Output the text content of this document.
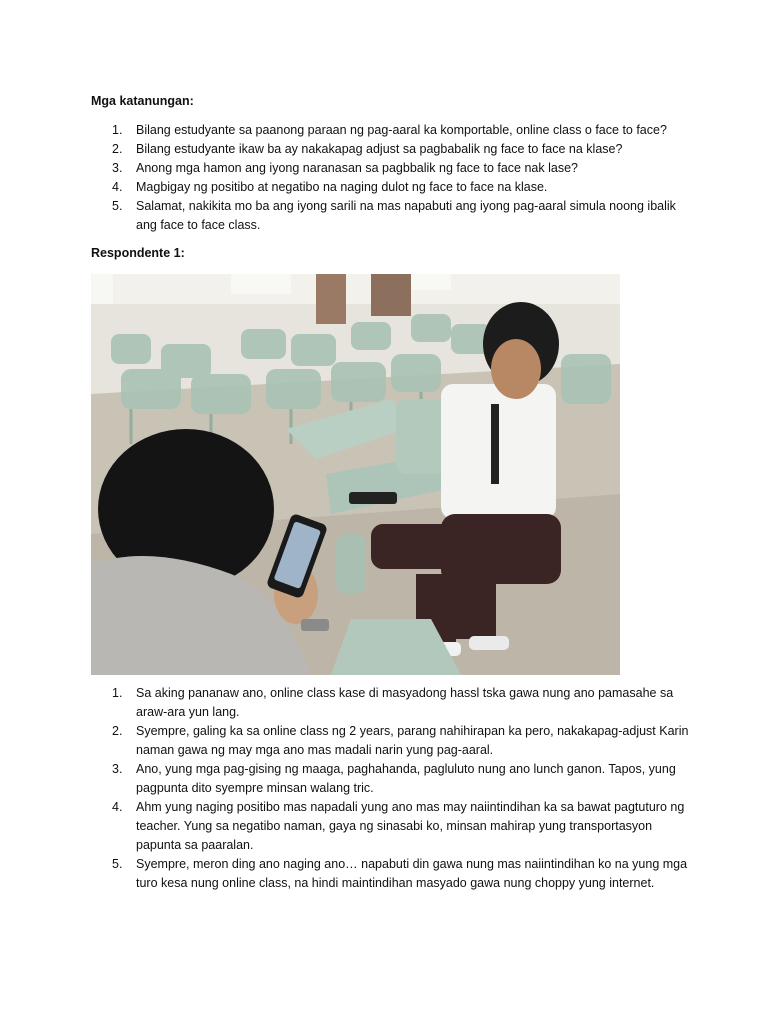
Mga katanungan:
1. Bilang estudyante sa paanong paraan ng pag-aaral ka komportable, online class o face to face?
2. Bilang estudyante ikaw ba ay nakakapag adjust sa pagbabalik ng face to face na klase?
3. Anong mga hamon ang iyong naranasan sa pagbbalik ng face to face nak lase?
4. Magbigay ng positibo at negatibo na naging dulot ng face to face na klase.
5. Salamat, nakikita mo ba ang iyong sarili na mas napabuti ang iyong pag-aaral simula noong ibalik ang face to face class.
Respondente 1:
1. Sa aking pananaw ano, online class kase di masyadong hassl tska gawa nung ano pamasahe sa araw-ara yun lang.
2. Syempre, galing ka sa online class ng 2 years, parang nahihirapan ka pero, nakakapag-adjust Karin naman gawa ng may mga ano mas madali narin yung pag-aaral.
3. Ano, yung mga pag-gising ng maaga, paghahanda, pagluluto nung ano lunch ganon. Tapos, yung pagpunta dito syempre minsan walang tric.
4. Ahm yung naging positibo mas napadali yung ano mas may naiintindihan ka sa bawat pagtuturo ng teacher. Yung sa negatibo naman, gaya ng sinasabi ko, minsan mahirap yung transportasyon papunta sa paaralan.
5. Syempre, meron ding ano naging ano… napabuti din gawa nung mas naiintindihan ko na yung mga turo kesa nung online class, na hindi maintindihan masyado gawa nung choppy yung internet.
